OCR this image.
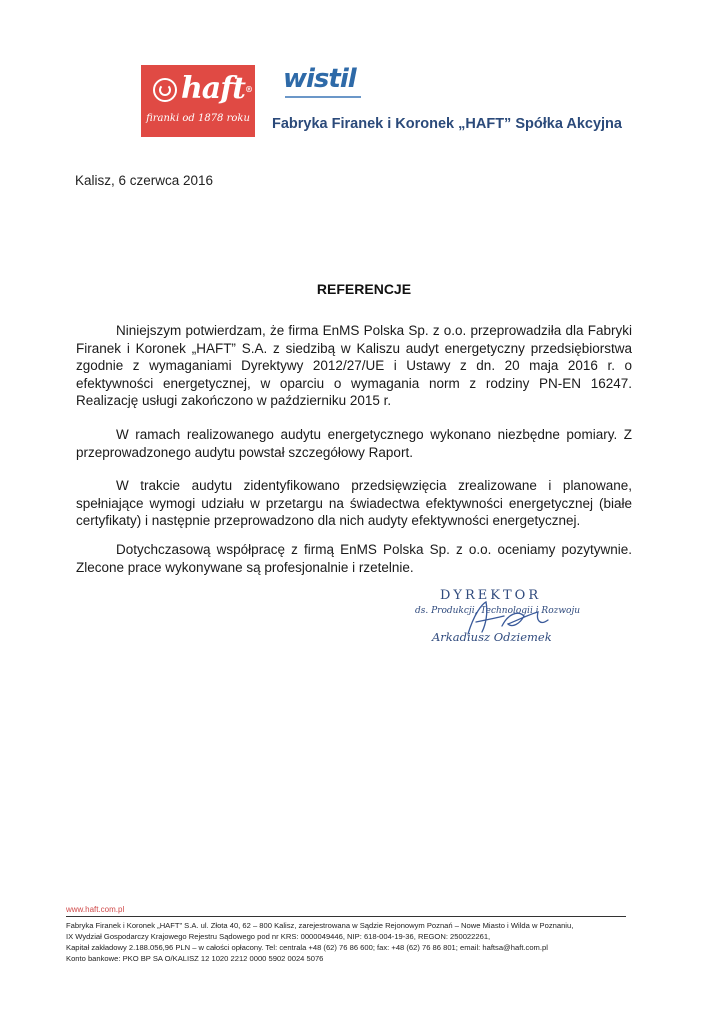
haft®
firanki od 1878 roku
wistil
Fabryka Firanek i Koronek „HAFT” Spółka Akcyjna
Kalisz, 6 czerwca 2016
REFERENCJE
Niniejszym potwierdzam, że firma EnMS Polska Sp. z o.o. przeprowadziła dla Fabryki Firanek i Koronek „HAFT” S.A. z siedzibą w Kaliszu audyt energetyczny przedsiębiorstwa zgodnie z wymaganiami Dyrektywy 2012/27/UE i Ustawy z dn. 20 maja 2016 r. o efektywności energetycznej, w oparciu o wymagania norm z rodziny PN-EN 16247. Realizację usługi zakończono w październiku 2015 r.
W ramach realizowanego audytu energetycznego wykonano niezbędne pomiary. Z przeprowadzonego audytu powstał szczegółowy Raport.
W trakcie audytu zidentyfikowano przedsięwzięcia zrealizowane i planowane, spełniające wymogi udziału w przetargu na świadectwa efektywności energetycznej (białe certyfikaty) i następnie przeprowadzono dla nich audyty efektywności energetycznej.
Dotychczasową współpracę z firmą EnMS Polska Sp. z o.o. oceniamy pozytywnie. Zlecone prace wykonywane są profesjonalnie i rzetelnie.
DYREKTOR
ds. Produkcji, Technologii i Rozwoju
Arkadiusz Odziemek
www.haft.com.pl
Fabryka Firanek i Koronek „HAFT” S.A. ul. Złota 40, 62 – 800 Kalisz, zarejestrowana w Sądzie Rejonowym Poznań – Nowe Miasto i Wilda w Poznaniu,
IX Wydział Gospodarczy Krajowego Rejestru Sądowego pod nr KRS: 0000049446, NIP: 618-004-19-36, REGON: 250022261,
Kapitał zakładowy 2.188.056,96 PLN – w całości opłacony. Tel: centrala +48 (62) 76 86 600; fax: +48 (62) 76 86 801; email: haftsa@haft.com.pl
Konto bankowe: PKO BP SA O/KALISZ 12 1020 2212 0000 5902 0024 5076
